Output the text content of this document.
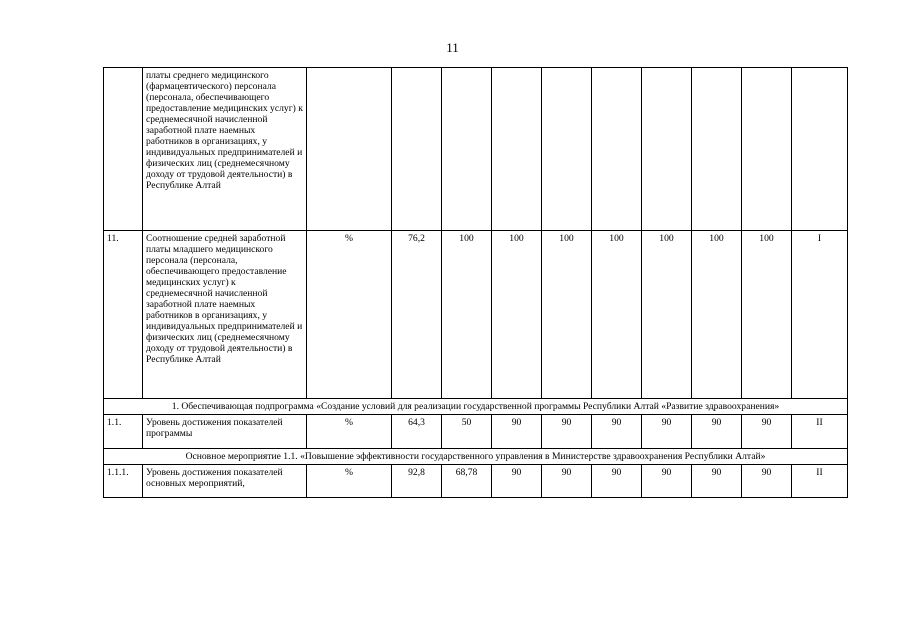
11
	платы среднего медицинского (фармацевтического) персонала (персонала, обеспечивающего предоставление медицинских услуг) к среднемесячной начисленной заработной плате наемных работников в организациях, у индивидуальных предпринимателей и физических лиц (среднемесячному доходу от трудовой деятельности) в Республике Алтай										
11.	Соотношение средней заработной платы младшего медицинского персонала (персонала, обеспечивающего предоставление медицинских услуг) к среднемесячной начисленной заработной плате наемных работников в организациях, у индивидуальных предпринимателей и физических лиц (среднемесячному доходу от трудовой деятельности) в Республике Алтай	%	76,2	100	100	100	100	100	100	100	I
1. Обеспечивающая подпрограмма «Создание условий для реализации государственной программы Республики Алтай «Развитие здравоохранения»											
1.1.	Уровень достижения показателей программы	%	64,3	50	90	90	90	90	90	90	II
Основное мероприятие 1.1. «Повышение эффективности государственного управления в Министерстве здравоохранения Республики Алтай»											
1.1.1.	Уровень достижения показателей основных мероприятий,	%	92,8	68,78	90	90	90	90	90	90	II
